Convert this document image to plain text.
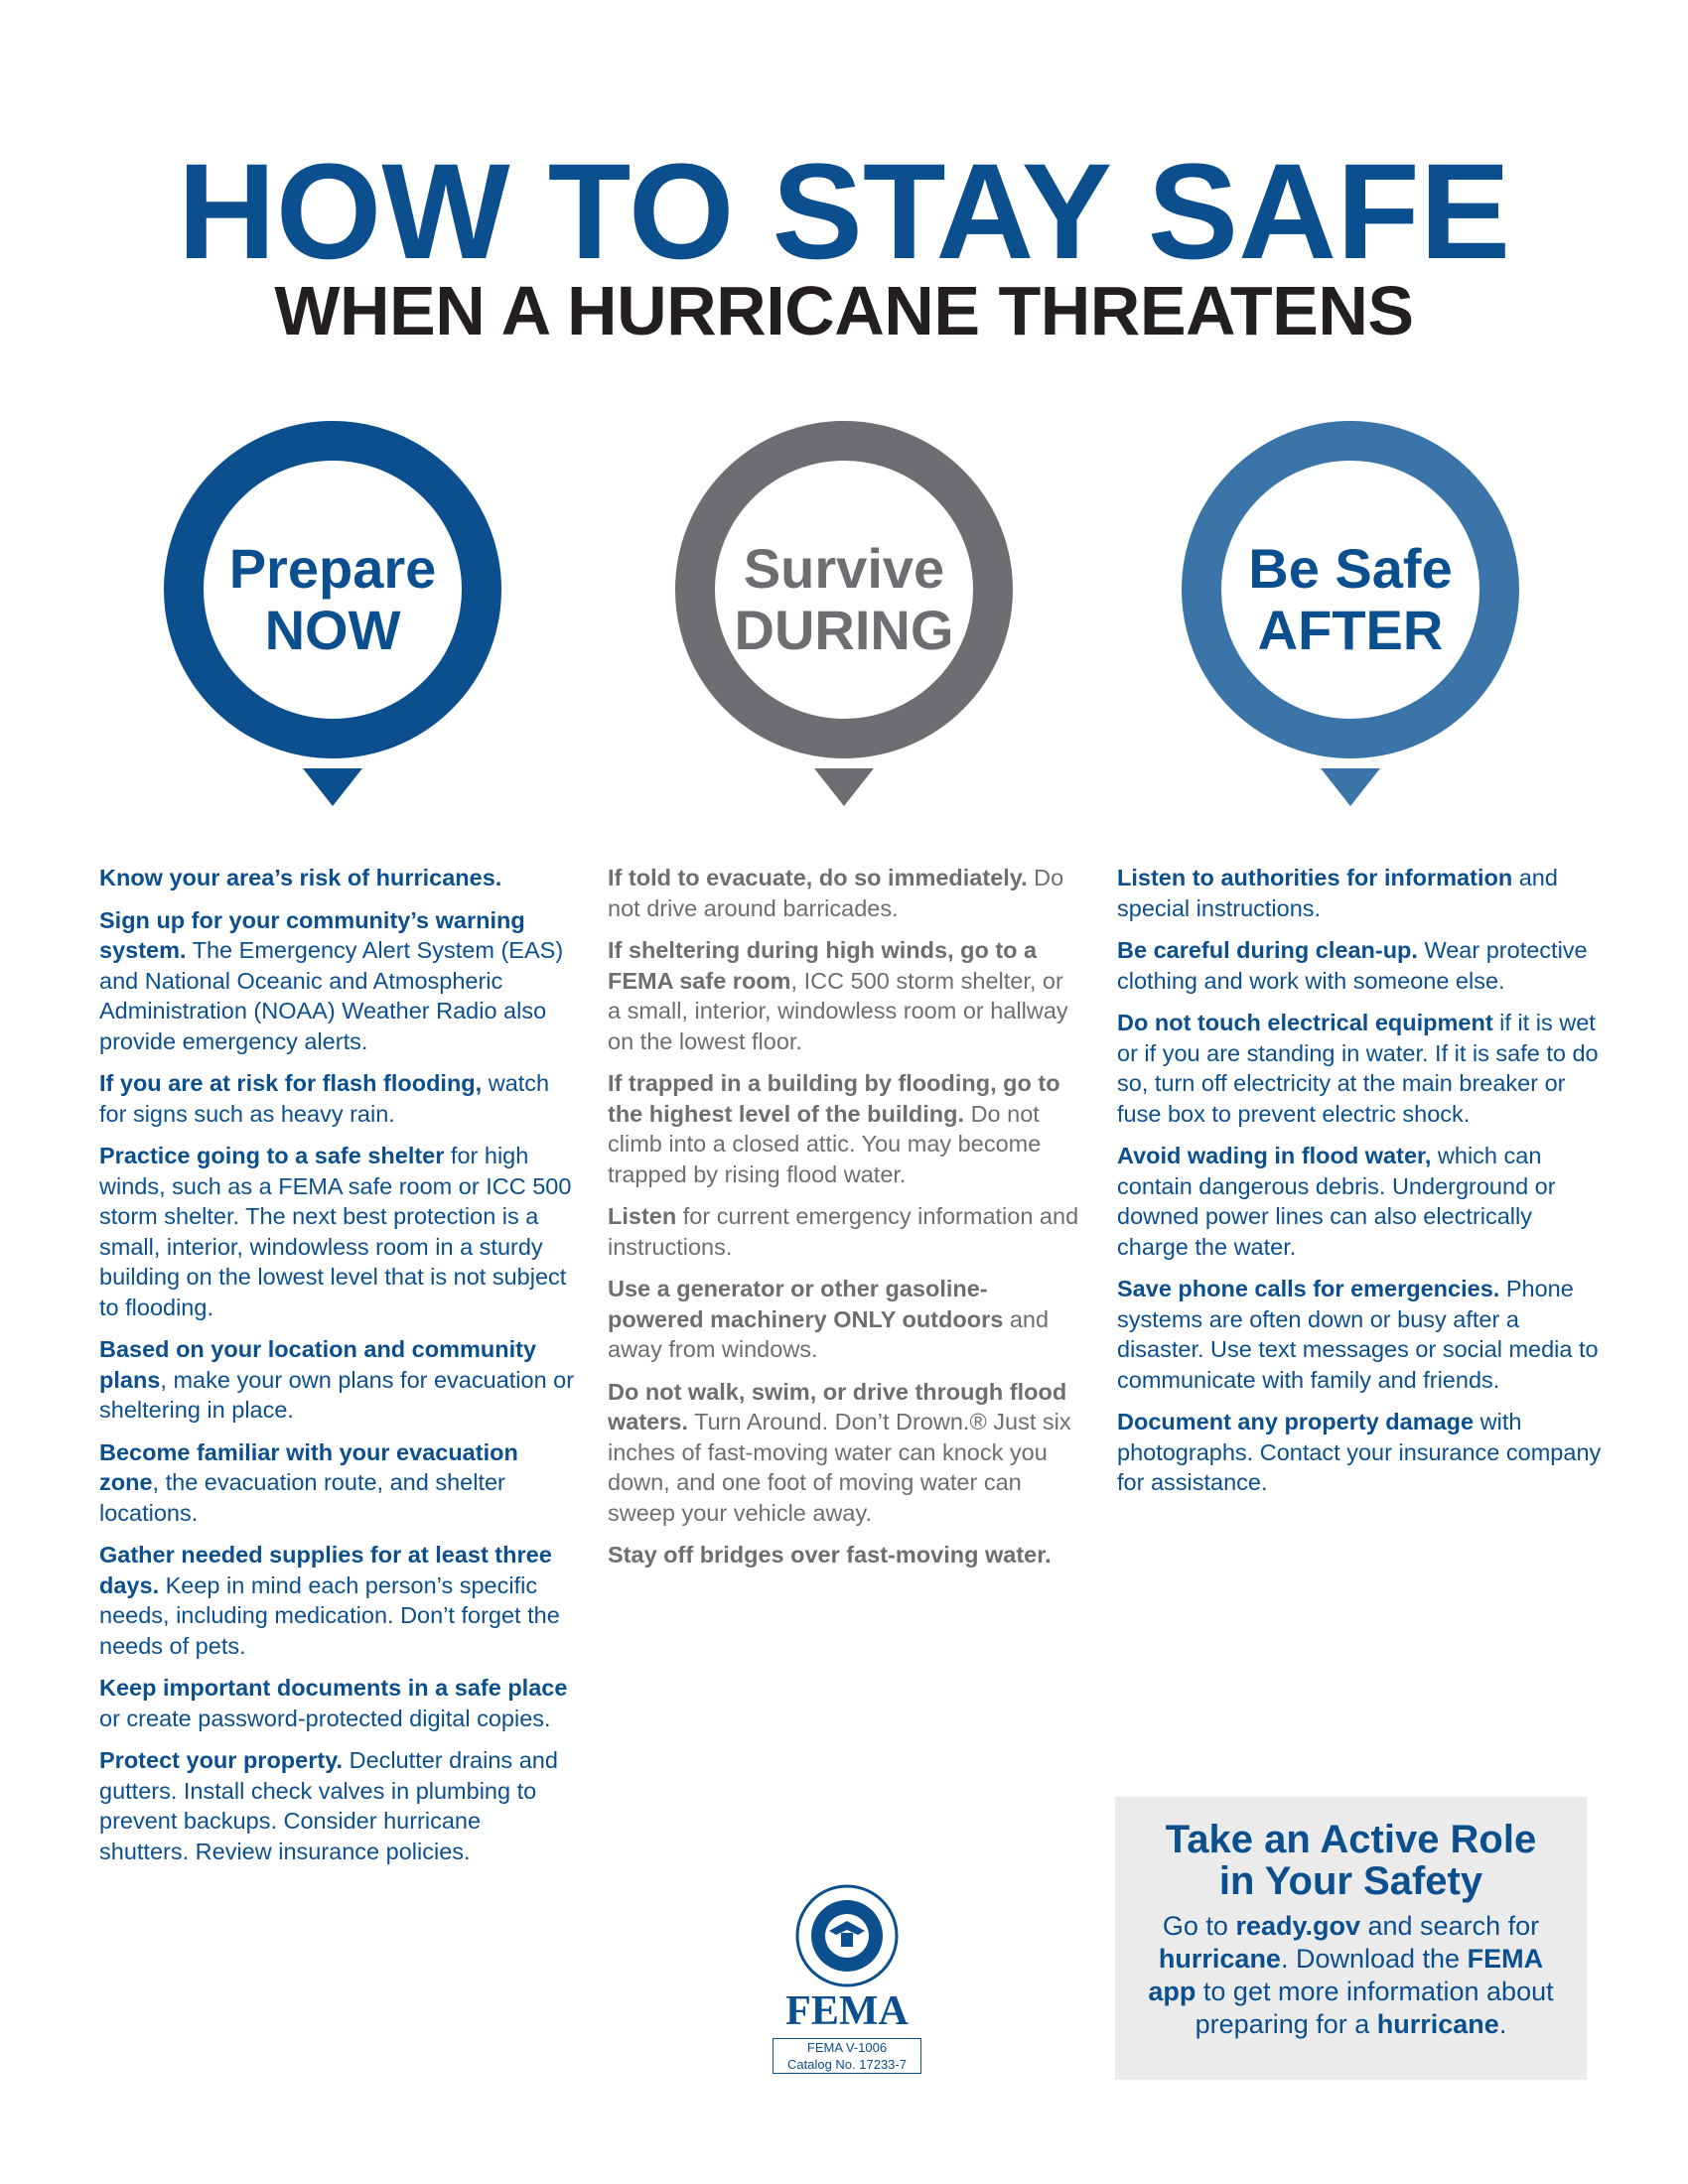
HOW TO STAY SAFE
WHEN A HURRICANE THREATENS
Prepare
NOW
Survive
DURING
Be Safe
AFTER

Know your area’s risk of hurricanes.

Sign up for your community’s warning system. The Emergency Alert System (EAS) and National Oceanic and Atmospheric Administration (NOAA) Weather Radio also provide emergency alerts.

If you are at risk for flash flooding, watch for signs such as heavy rain.

Practice going to a safe shelter for high winds, such as a FEMA safe room or ICC 500 storm shelter. The next best protection is a small, interior, windowless room in a sturdy building on the lowest level that is not subject to flooding.

Based on your location and community plans, make your own plans for evacuation or sheltering in place.

Become familiar with your evacuation zone, the evacuation route, and shelter locations.

Gather needed supplies for at least three days. Keep in mind each person’s specific needs, including medication. Don’t forget the needs of pets.

Keep important documents in a safe place or create password-protected digital copies.

Protect your property. Declutter drains and gutters. Install check valves in plumbing to prevent backups. Consider hurricane shutters. Review insurance policies.

If told to evacuate, do so immediately. Do not drive around barricades.

If sheltering during high winds, go to a FEMA safe room, ICC 500 storm shelter, or a small, interior, windowless room or hallway on the lowest floor.

If trapped in a building by flooding, go to the highest level of the building. Do not climb into a closed attic. You may become trapped by rising flood water.

Listen for current emergency information and instructions.

Use a generator or other gasoline-powered machinery ONLY outdoors and away from windows.

Do not walk, swim, or drive through flood waters. Turn Around. Don’t Drown.® Just six inches of fast-moving water can knock you down, and one foot of moving water can sweep your vehicle away.

Stay off bridges over fast-moving water.

Listen to authorities for information and special instructions.

Be careful during clean-up. Wear protective clothing and work with someone else.

Do not touch electrical equipment if it is wet or if you are standing in water. If it is safe to do so, turn off electricity at the main breaker or fuse box to prevent electric shock.

Avoid wading in flood water, which can contain dangerous debris. Underground or downed power lines can also electrically charge the water.

Save phone calls for emergencies. Phone systems are often down or busy after a disaster. Use text messages or social media to communicate with family and friends.

Document any property damage with photographs. Contact your insurance company for assistance.

Take an Active Role
in Your Safety
Go to ready.gov and search for hurricane. Download the FEMA app to get more information about preparing for a hurricane.
FEMA
FEMA V-1006
Catalog No. 17233-7
